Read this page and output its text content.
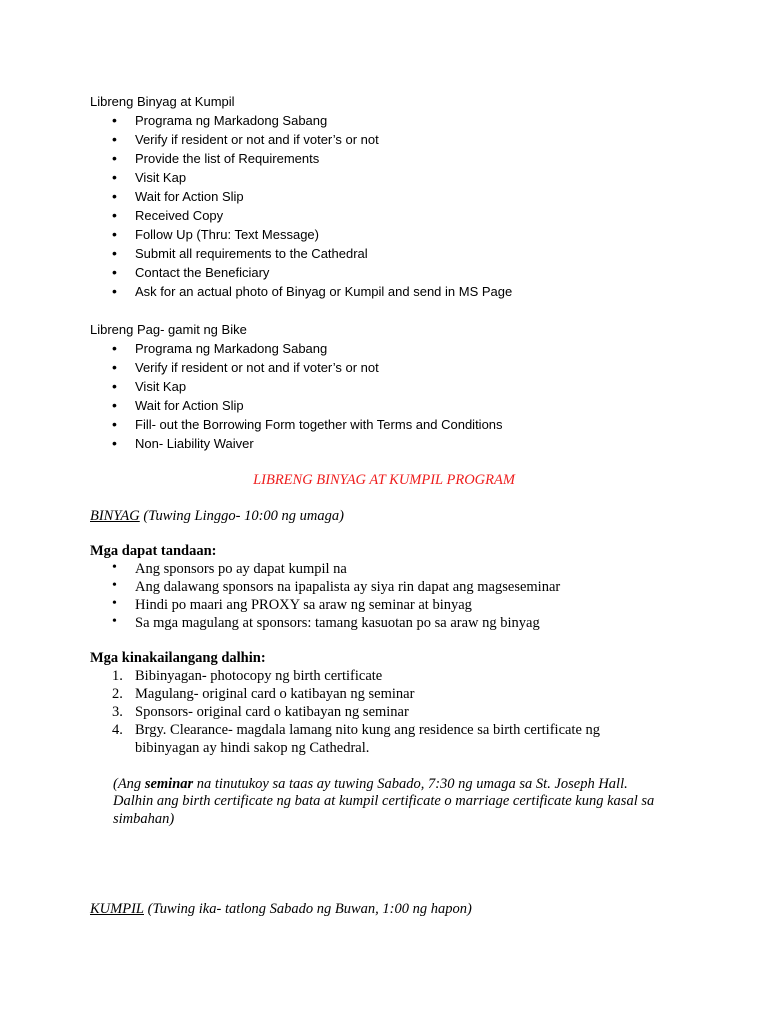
Libreng Binyag at Kumpil
• Programa ng Markadong Sabang
• Verify if resident or not and if voter’s or not
• Provide the list of Requirements
• Visit Kap
• Wait for Action Slip
• Received Copy
• Follow Up (Thru: Text Message)
• Submit all requirements to the Cathedral
• Contact the Beneficiary
• Ask for an actual photo of Binyag or Kumpil and send in MS Page
Libreng Pag- gamit ng Bike
• Programa ng Markadong Sabang
• Verify if resident or not and if voter’s or not
• Visit Kap
• Wait for Action Slip
• Fill- out the Borrowing Form together with Terms and Conditions
• Non- Liability Waiver
LIBRENG BINYAG AT KUMPIL PROGRAM
BINYAG (Tuwing Linggo- 10:00 ng umaga)
Mga dapat tandaan:
• Ang sponsors po ay dapat kumpil na
• Ang dalawang sponsors na ipapalista ay siya rin dapat ang magseseminar
• Hindi po maari ang PROXY sa araw ng seminar at binyag
• Sa mga magulang at sponsors: tamang kasuotan po sa araw ng binyag
Mga kinakailangang dalhin:
1. Bibinyagan- photocopy ng birth certificate
2. Magulang- original card o katibayan ng seminar
3. Sponsors- original card o katibayan ng seminar
4. Brgy. Clearance- magdala lamang nito kung ang residence sa birth certificate ng
bibinyagan ay hindi sakop ng Cathedral.
(Ang seminar na tinutukoy sa taas ay tuwing Sabado, 7:30 ng umaga sa St. Joseph Hall.
Dalhin ang birth certificate ng bata at kumpil certificate o marriage certificate kung kasal sa
simbahan)
KUMPIL (Tuwing ika- tatlong Sabado ng Buwan, 1:00 ng hapon)
